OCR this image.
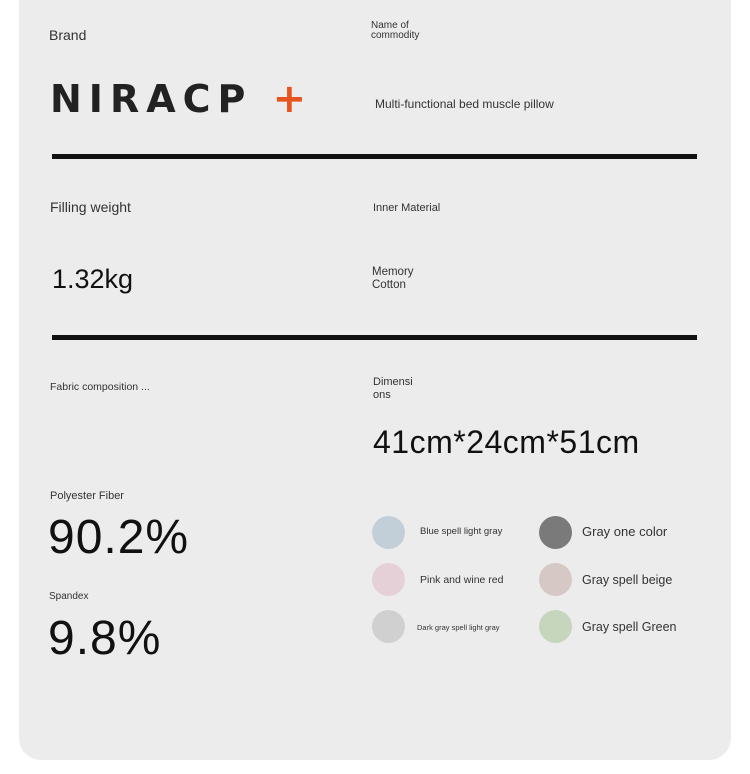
Brand
NIRACP +
Name of commodity
Multi-functional bed muscle pillow
Filling weight
1.32kg
Inner Material
Memory Cotton
Fabric composition ...
Polyester Fiber
90.2%
Spandex
9.8%
Dimensions
41cm*24cm*51cm
Blue spell light gray	Gray one color
Pink and wine red	Gray spell beige
Dark gray spell light gray	Gray spell Green
